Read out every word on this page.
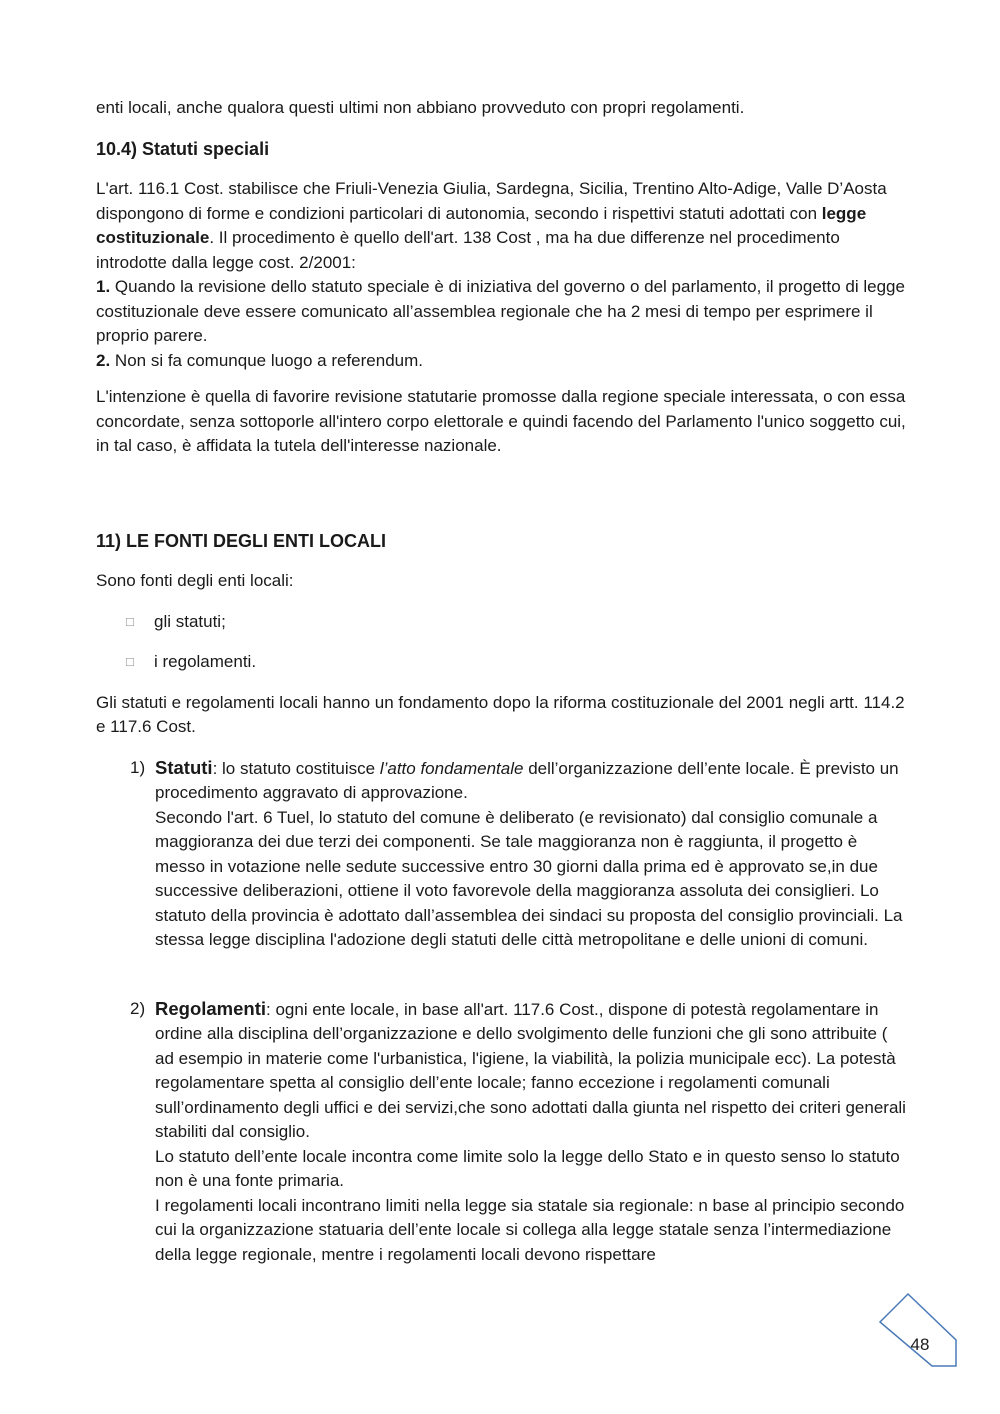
enti locali, anche qualora questi ultimi non abbiano provveduto con propri regolamenti.

10.4) Statuti speciali

L'art. 116.1 Cost. stabilisce che Friuli-Venezia Giulia, Sardegna, Sicilia, Trentino Alto-Adige, Valle D’Aosta dispongono di forme e condizioni particolari di autonomia, secondo i rispettivi statuti adottati con legge costituzionale. Il procedimento è quello dell'art. 138 Cost , ma ha due differenze nel procedimento introdotte dalla legge cost. 2/2001:

1. Quando la revisione dello statuto speciale è di iniziativa del governo o del parlamento, il progetto di legge costituzionale deve essere comunicato all’assemblea regionale che ha 2 mesi di tempo per esprimere il proprio parere.

2. Non si fa comunque luogo a referendum.

L'intenzione è quella di favorire revisione statutarie promosse dalla regione speciale interessata, o con essa concordate, senza sottoporle all'intero corpo elettorale e quindi facendo del Parlamento l'unico soggetto cui, in tal caso, è affidata la tutela dell'interesse nazionale.

11) LE FONTI DEGLI ENTI LOCALI

Sono fonti degli enti locali:

□	gli statuti;
□	i regolamenti.

Gli statuti e regolamenti locali hanno un fondamento dopo la riforma costituzionale del 2001 negli artt. 114.2 e 117.6 Cost.

1) Statuti: lo statuto costituisce l’atto fondamentale dell’organizzazione dell’ente locale. È previsto un procedimento aggravato di approvazione.

Secondo l'art. 6 Tuel, lo statuto del comune è deliberato (e revisionato) dal consiglio comunale a maggioranza dei due terzi dei componenti. Se tale maggioranza non è raggiunta, il progetto è messo in votazione nelle sedute successive entro 30 giorni dalla prima ed è approvato se,in due successive deliberazioni, ottiene il voto favorevole della maggioranza assoluta dei consiglieri. Lo statuto della provincia è adottato dall’assemblea dei sindaci su proposta del consiglio provinciali. La stessa legge disciplina l'adozione degli statuti delle città metropolitane e delle unioni di comuni.

2) Regolamenti: ogni ente locale, in base all'art. 117.6 Cost., dispone di potestà regolamentare in ordine alla disciplina dell’organizzazione e dello svolgimento delle funzioni che gli sono attribuite ( ad esempio in materie come l'urbanistica, l'igiene, la viabilità, la polizia municipale ecc). La potestà regolamentare spetta al consiglio dell’ente locale; fanno eccezione i regolamenti comunali sull’ordinamento degli uffici e dei servizi,che sono adottati dalla giunta nel rispetto dei criteri generali stabiliti dal consiglio.

Lo statuto dell’ente locale incontra come limite solo la legge dello Stato e in questo senso lo statuto non è una fonte primaria.

I regolamenti locali incontrano limiti nella legge sia statale sia regionale: n base al principio secondo cui la organizzazione statuaria dell’ente locale si collega alla legge statale senza l’intermediazione della legge regionale, mentre i regolamenti locali devono rispettare

48
